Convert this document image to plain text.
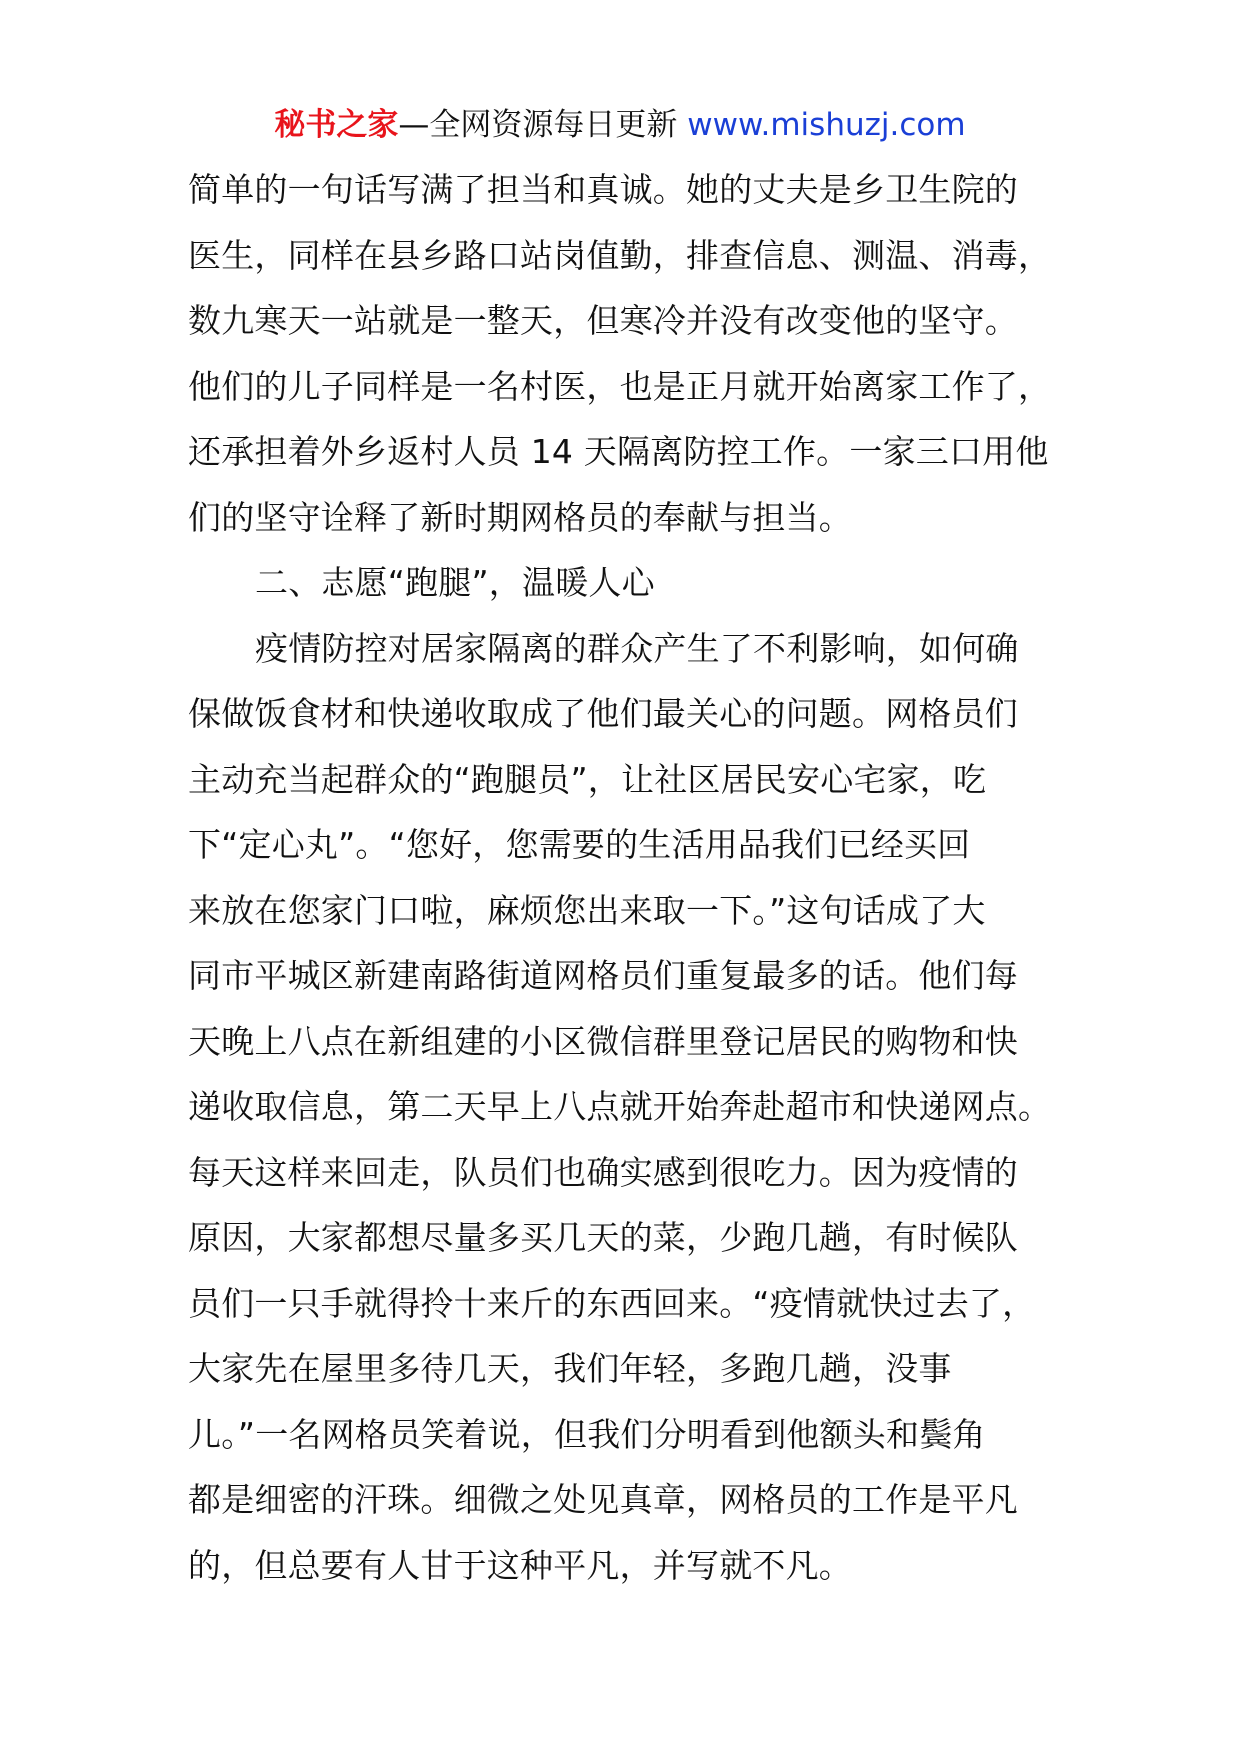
秘书之家—全网资源每日更新 www.mishuzj.com
简单的一句话写满了担当和真诚。她的丈夫是乡卫生院的
医生，同样在县乡路口站岗值勤，排查信息、测温、消毒，
数九寒天一站就是一整天，但寒冷并没有改变他的坚守。
他们的儿子同样是一名村医，也是正月就开始离家工作了，
还承担着外乡返村人员 14 天隔离防控工作。一家三口用他
们的坚守诠释了新时期网格员的奉献与担当。
二、志愿“跑腿”，温暖人心
疫情防控对居家隔离的群众产生了不利影响，如何确
保做饭食材和快递收取成了他们最关心的问题。网格员们
主动充当起群众的“跑腿员”，让社区居民安心宅家，吃
下“定心丸”。“您好，您需要的生活用品我们已经买回
来放在您家门口啦，麻烦您出来取一下。”这句话成了大
同市平城区新建南路街道网格员们重复最多的话。他们每
天晚上八点在新组建的小区微信群里登记居民的购物和快
递收取信息，第二天早上八点就开始奔赴超市和快递网点。
每天这样来回走，队员们也确实感到很吃力。因为疫情的
原因，大家都想尽量多买几天的菜，少跑几趟，有时候队
员们一只手就得拎十来斤的东西回来。“疫情就快过去了，
大家先在屋里多待几天，我们年轻，多跑几趟，没事
儿。”一名网格员笑着说，但我们分明看到他额头和鬓角
都是细密的汗珠。细微之处见真章，网格员的工作是平凡
的，但总要有人甘于这种平凡，并写就不凡。
